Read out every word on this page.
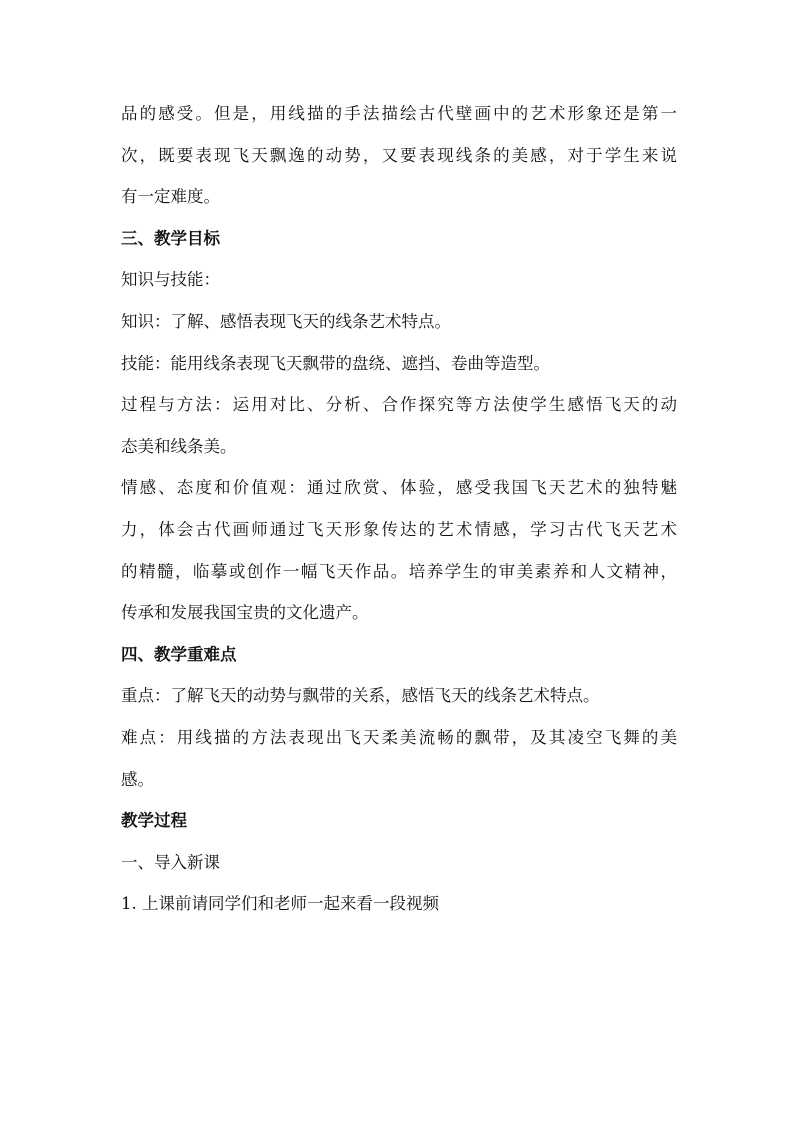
品的感受。但是，用线描的手法描绘古代壁画中的艺术形象还是第一
次，既要表现飞天飘逸的动势，又要表现线条的美感，对于学生来说
有一定难度。
三、教学目标
知识与技能：
知识：了解、感悟表现飞天的线条艺术特点。
技能：能用线条表现飞天飘带的盘绕、遮挡、卷曲等造型。
过程与方法：运用对比、分析、合作探究等方法使学生感悟飞天的动
态美和线条美。
情感、态度和价值观：通过欣赏、体验，感受我国飞天艺术的独特魅
力，体会古代画师通过飞天形象传达的艺术情感，学习古代飞天艺术
的精髓，临摹或创作一幅飞天作品。培养学生的审美素养和人文精神，
传承和发展我国宝贵的文化遗产。
四、教学重难点
重点：了解飞天的动势与飘带的关系，感悟飞天的线条艺术特点。
难点：用线描的方法表现出飞天柔美流畅的飘带，及其凌空飞舞的美
感。
教学过程
一、导入新课
1. 上课前请同学们和老师一起来看一段视频
